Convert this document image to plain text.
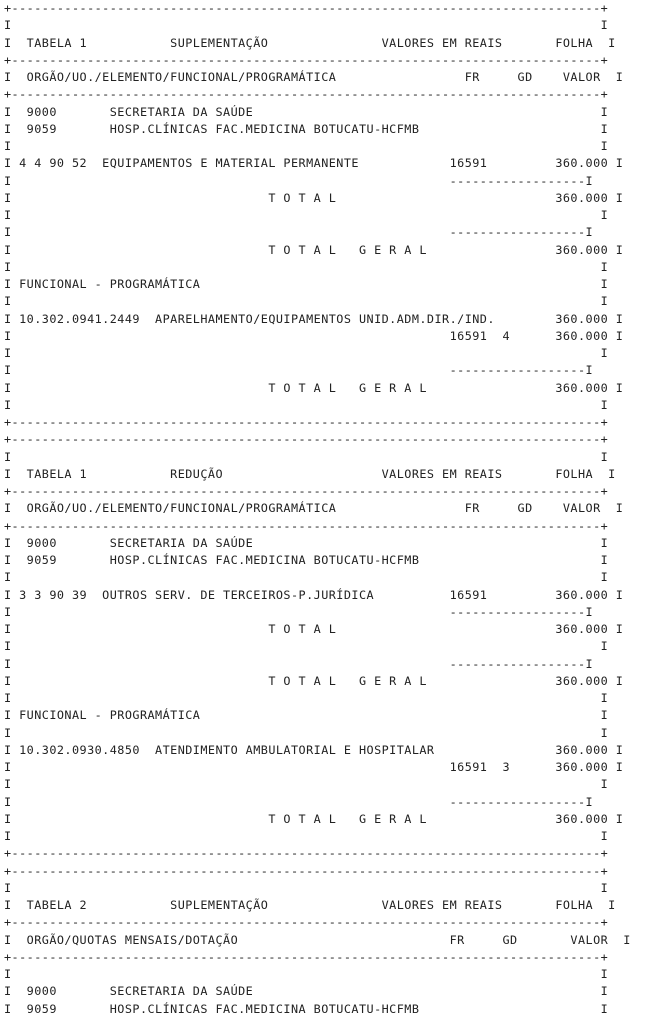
+------------------------------------------------------------------------------+
I                                                                              I
I  TABELA 1           SUPLEMENTAÇÃO               VALORES EM REAIS       FOLHA  I
+------------------------------------------------------------------------------+
I  ORGÃO/UO./ELEMENTO/FUNCIONAL/PROGRAMÁTICA                 FR     GD    VALOR  I
+------------------------------------------------------------------------------+
I  9000       SECRETARIA DA SAÚDE                                              I
I  9059       HOSP.CLÍNICAS FAC.MEDICINA BOTUCATU-HCFMB                        I
I                                                                              I
I 4 4 90 52  EQUIPAMENTOS E MATERIAL PERMANENTE            16591         360.000 I
I                                                          ------------------I
I                                  T O T A L                             360.000 I
I                                                                              I
I                                                          ------------------I
I                                  T O T A L   G E R A L                 360.000 I
I                                                                              I
I FUNCIONAL - PROGRAMÁTICA                                                     I
I                                                                              I
I 10.302.0941.2449  APARELHAMENTO/EQUIPAMENTOS UNID.ADM.DIR./IND.        360.000 I
I                                                          16591  4      360.000 I
I                                                                              I
I                                                          ------------------I
I                                  T O T A L   G E R A L                 360.000 I
I                                                                              I
+------------------------------------------------------------------------------+
+------------------------------------------------------------------------------+
I                                                                              I
I  TABELA 1           REDUÇÃO                     VALORES EM REAIS       FOLHA  I
+------------------------------------------------------------------------------+
I  ORGÃO/UO./ELEMENTO/FUNCIONAL/PROGRAMÁTICA                 FR     GD    VALOR  I
+------------------------------------------------------------------------------+
I  9000       SECRETARIA DA SAÚDE                                              I
I  9059       HOSP.CLÍNICAS FAC.MEDICINA BOTUCATU-HCFMB                        I
I                                                                              I
I 3 3 90 39  OUTROS SERV. DE TERCEIROS-P.JURÍDICA          16591         360.000 I
I                                                          ------------------I
I                                  T O T A L                             360.000 I
I                                                                              I
I                                                          ------------------I
I                                  T O T A L   G E R A L                 360.000 I
I                                                                              I
I FUNCIONAL - PROGRAMÁTICA                                                     I
I                                                                              I
I 10.302.0930.4850  ATENDIMENTO AMBULATORIAL E HOSPITALAR                360.000 I
I                                                          16591  3      360.000 I
I                                                                              I
I                                                          ------------------I
I                                  T O T A L   G E R A L                 360.000 I
I                                                                              I
+------------------------------------------------------------------------------+
+------------------------------------------------------------------------------+
I                                                                              I
I  TABELA 2           SUPLEMENTAÇÃO               VALORES EM REAIS       FOLHA  I
+------------------------------------------------------------------------------+
I  ORGÃO/QUOTAS MENSAIS/DOTAÇÃO                            FR     GD       VALOR  I
+------------------------------------------------------------------------------+
I                                                                              I
I  9000       SECRETARIA DA SAÚDE                                              I
I  9059       HOSP.CLÍNICAS FAC.MEDICINA BOTUCATU-HCFMB                        I
